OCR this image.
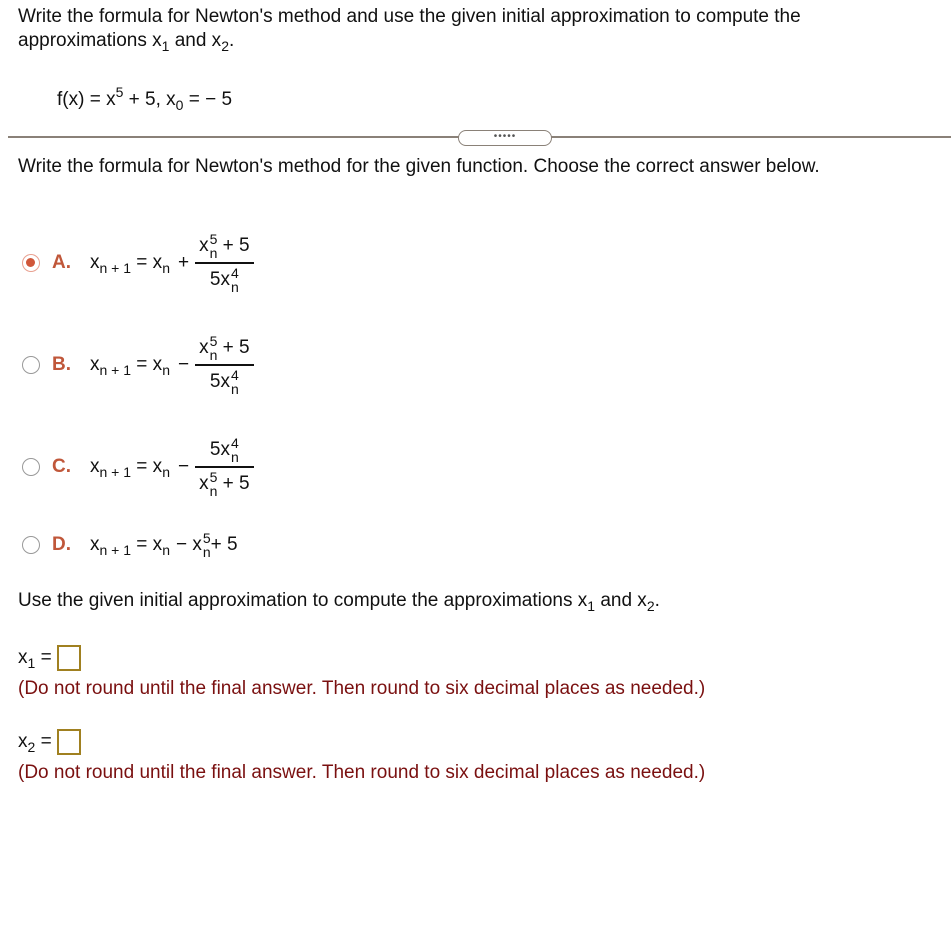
Write the formula for Newton's method and use the given initial approximation to compute the
approximations $x_1$ and $x_2$.
$f(x) = x^5 + 5$, $x_0$ = − 5
•••••
Write the formula for Newton's method for the given function. Choose the correct answer below.
A.	$x_{n + 1} = x_n + x$ 5
n + 5
5x 4
n
B.	$x_{n + 1} = x_n - x$ 5
n + 5
5x 4
n
C.	$x_{n + 1} = x_n - 5x$ 4
n
x 5
n + 5
D.	$x_{n + 1} = x_n - x$ 5
n + 5
Use the given initial approximation to compute the approximations $x_1$ and $x_2$.
$x_1$ =
(Do not round until the final answer. Then round to six decimal places as needed.)
$x_2$ =
(Do not round until the final answer. Then round to six decimal places as needed.)
